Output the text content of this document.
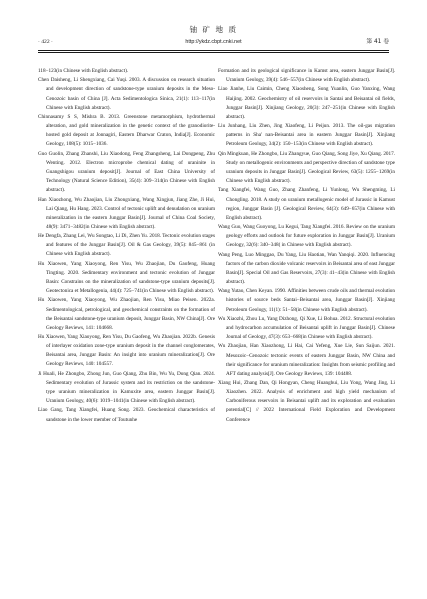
铀 矿 地 质
· 422 ·	http://ykdz.cbpt.cnki.net	第 41 卷

118−123(in Chinese with English abstract).

Chen Daisheng, Li Shengxiang, Cai Yuqi. 2003. A discussion on research situation and development direction of sandstone-type uranium deposits in the Meso-Cenozoic basin of China [J]. Acta Sedimentologica Sinica, 21(1): 113−117(in Chinese with English abstract).

Chinnasamy S S, Mishra B. 2013. Greenstone metamorphism, hydrothermal alteration, and gold mineralization in the genetic context of the granodiorite-hosted gold deposit at Jonnagiri, Eastern Dharwar Craton, India[J]. Economic Geology, 108(5): 1015−1036.

Guo Guolin, Zhang Zhanshi, Liu Xiaodong, Feng Zhangsheng, Lai Dongpeng, Zhu Wenting. 2012. Electron microprobe chemical dating of uraninite in Guangshigou uranium deposit[J]. Journal of East China University of Technology (Natural Science Edition), 35(4): 309−314(in Chinese with English abstract).

Han Xiaozhong, Wu Zhaojian, Liu Zhongxiang, Wang Xingjun, Jiang Zhe, Ji Hui, Lai Qiang, Hu Hang. 2023. Control of tectonic uplift and denudation on uranium mineralization in the eastern Junggar Basin[J]. Journal of China Coal Society, 48(9): 3471−3482(in Chinese with English abstract).

He Dengfa, Zhang Lei, Wu Songtao, Li Di, Zhen Yu. 2018. Tectonic evolution stages and features of the Junggar Basin[J]. Oil & Gas Geology, 39(5): 845−861 (in Chinese with English abstract).

Hu Xiaowen, Yang Xiaoyong, Ren Yisu, Wu Zhaojian, Du Gaofeng, Huang Tingting. 2020. Sedimentary environment and tectonic evolution of Junggar Basin: Constrains on the mineralization of sandstone-type uranium deposits[J]. Geotectonica et Metallogenia, 44(4): 725−741(in Chinese with English abstract).

Hu Xiaowen, Yang Xiaoyong, Wu Zhaojian, Ren Yisu, Miao Peisen. 2022a. Sedimentological, petrological, and geochemical constraints on the formation of the Beisantai sandstone-type uranium deposit, Junggar Basin, NW China[J]. Ore Geology Reviews, 141: 104668.

Hu Xiaowen, Yang Xiaoyong, Ren Yisu, Du Gaofeng, Wu Zhaojian. 2022b. Genesis of interlayer oxidation zone-type uranium deposit in the channel conglomerates, Beisantai area, Junggar Basin: An insight into uranium mineralization[J]. Ore Geology Reviews, 140: 104557.

Ji Huali, He Zhongbo, Zhong Jun, Guo Qiang, Zhu Bin, Wu Yu, Dong Qian. 2024. Sedimentary evolution of Jurassic system and its restriction on the sandstone-type uranium mineralization in Kamuxite area, eastern Junggar Basin[J]. Uranium Geology, 40(6): 1019−1041(in Chinese with English abstract).

Liao Gang, Tang Xiangfei, Huang Song. 2023. Geochemical characteristics of sandstone in the lower member of Toutunhe

Formation and its geological significance in Kamst area, eastern Junggar Basin[J]. Uranium Geology, 39(4): 546−557(in Chinese with English abstract).

Liao Jianhe, Liu Caimin, Cheng Xiaosheng, Song Yuanlin, Guo Yanxing, Wang Haijing. 2002. Geochemistry of oil reservoirs in Santai and Beisantai oil fields, Junggar Basin[J]. Xinjiang Geology, 20(3): 247−251(in Chinese with English abstract).

Liu Junhang, Liu Zhen, Jing Xiaofeng, Li Peijun. 2013. The oil-gas migration patterns in Sha' nan-Beisantai area in eastern Junggar Basin[J]. Xinjiang Petroleum Geology, 34(2): 150−153(in Chinese with English abstract).

Qin Mingkuan, He Zhongbo, Liu Zhangyue, Guo Qiang, Song Jiye, Xu Qiang. 2017. Study on metallogenic environments and perspective direction of sandstone type uranium deposits in Junggar Basin[J]. Geological Review, 63(5): 1255−1269(in Chinese with English abstract).

Tang Xiangfei, Wang Guo, Zhang Zhanfeng, Li Yunlong, Wu Shengming, Li Chongling. 2018. A study on uranium metallogenic model of Jurassic in Kamust region, Junggar Basin [J]. Geological Review, 64(3): 649−657(in Chinese with English abstract).

Wang Guo, Wang Guoyong, Lu Kegui, Tang Xiangfei. 2016. Review on the uranium geology efforts and outlook for future exploration in Junggar Basin[J]. Uranium Geology, 32(6): 340−348( in Chinese with English abstract).

Wang Peng, Luo Minggao, Du Yang, Liu Haotian, Wan Yanqiqi. 2020. Influencing factors of the carbon dioxide volcanic reservoirs in Beisantai area of east Junggar Basin[J]. Special Oil and Gas Reservoirs, 27(3): 41−43(in Chinese with English abstract).

Wang Yutao, Chen Keyan. 1990. Affinities between crude oils and thermal evolution histories of source beds Santai−Beisantai area, Junggar Basin[J]. Xinjiang Petroleum Geology, 11(1): 51−58(in Chinese with English abstract).

Wu Xiaozhi, Zhou Lu, Yang Dizhong, Qi Xue, Li Bohua. 2012. Structural evolution and hydrocarbon accumulation of Beisantai uplift in Junggar Basin[J]. Chinese Journal of Geology, 47(3): 653−668(in Chinese with English abstract).

Wu Zhaojian, Han Xiaozhong, Li Hai, Cai Yefeng, Xue Lie, Sun Saijun. 2021. Mesozoic−Cenozoic tectonic events of eastern Junggar Basin, NW China and their significance for uranium mineralization: Insights from seismic profiling and AFT dating analysis[J]. Ore Geology Reviews, 139: 104488.

Xiang Hui, Zhang Dan, Qi Hongyan, Cheng Huanghui, Liu Yong, Wang Jing, Li Xiaozhen. 2022. Analysis of enrichment and high yield mechanism of Carboniferous reservoirs in Beisantai uplift and its exploration and evaluation potential[C] // 2022 International Field Exploration and Development Conference
